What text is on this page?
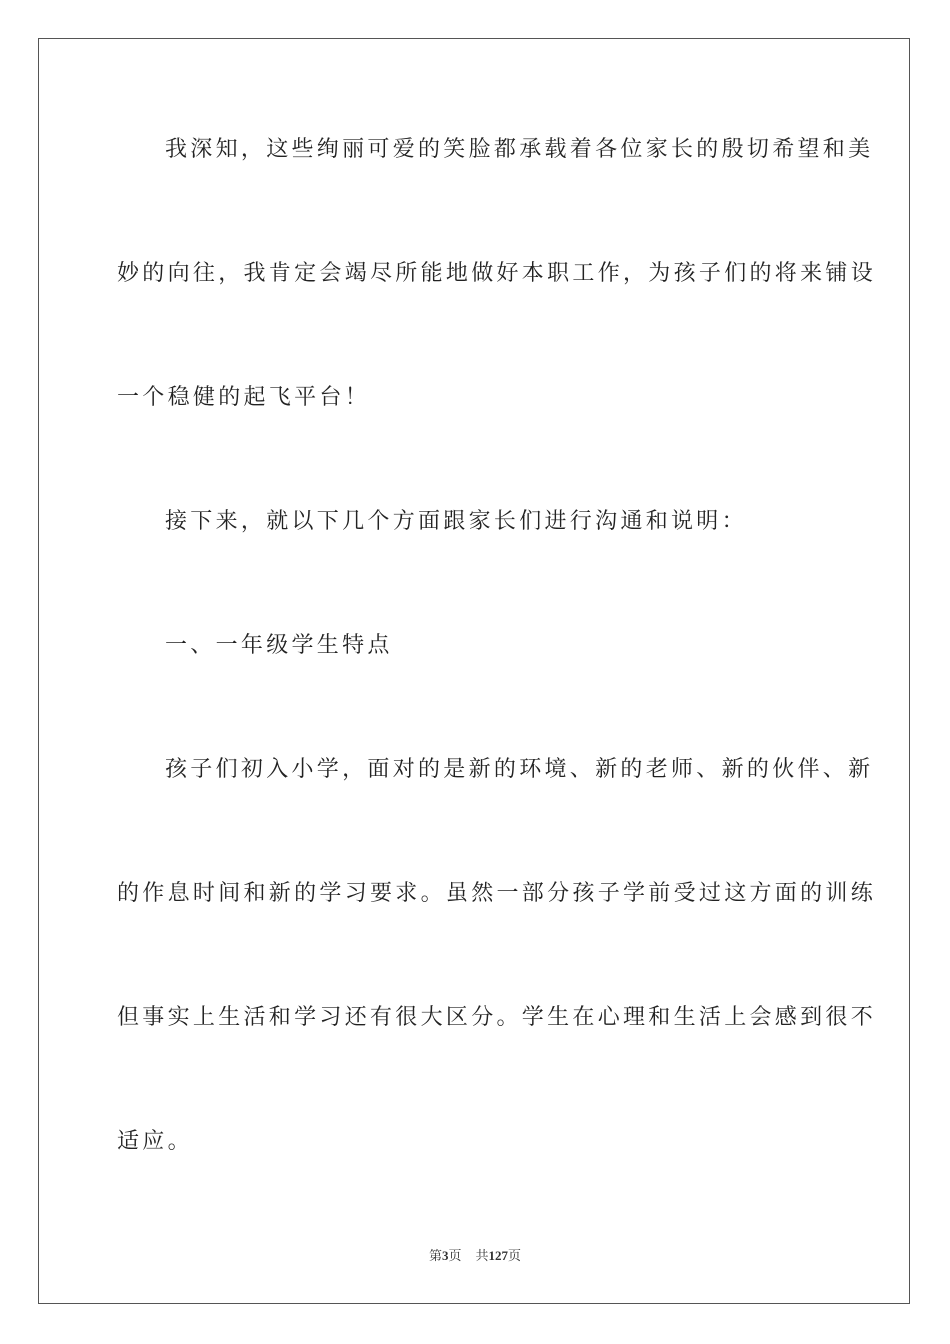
我深知，这些绚丽可爱的笑脸都承载着各位家长的殷切希望和美
妙的向往，我肯定会竭尽所能地做好本职工作，为孩子们的将来铺设
一个稳健的起飞平台！
接下来，就以下几个方面跟家长们进行沟通和说明：
一、一年级学生特点
孩子们初入小学，面对的是新的环境、新的老师、新的伙伴、新
的作息时间和新的学习要求。虽然一部分孩子学前受过这方面的训练
但事实上生活和学习还有很大区分。学生在心理和生活上会感到很不
适应。
第3页 共127页
